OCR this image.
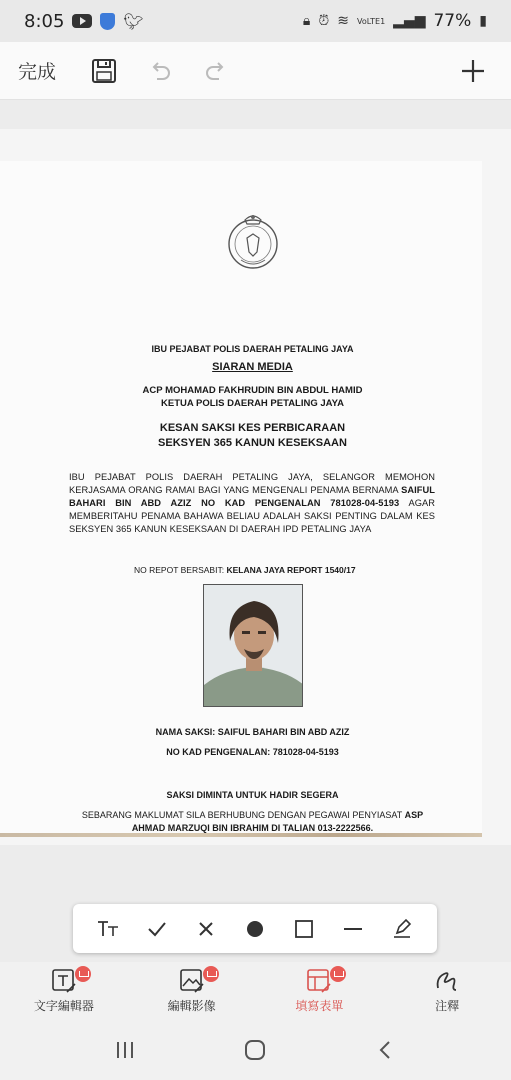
8:05	🐦︎	🔒︎ ⏰︎ ≋ VoLTE1 ▂▄▆ 77% ▮
完成
IBU PEJABAT POLIS DAERAH PETALING JAYA
SIARAN MEDIA
ACP MOHAMAD FAKHRUDIN BIN ABDUL HAMID
KETUA POLIS DAERAH PETALING JAYA
KESAN SAKSI KES PERBICARAAN
SEKSYEN 365 KANUN KESEKSAAN
IBU PEJABAT POLIS DAERAH PETALING JAYA, SELANGOR MEMOHON KERJASAMA ORANG RAMAI BAGI YANG MENGENALI PENAMA BERNAMA SAIFUL BAHARI BIN ABD AZIZ NO KAD PENGENALAN 781028-04-5193 AGAR MEMBERITAHU PENAMA BAHAWA BELIAU ADALAH SAKSI PENTING DALAM KES SEKSYEN 365 KANUN KESEKSAAN DI DAERAH IPD PETALING JAYA
NO REPOT BERSABIT: KELANA JAYA REPORT 1540/17
NAMA SAKSI: SAIFUL BAHARI BIN ABD AZIZ
NO KAD PENGENALAN: 781028-04-5193
SAKSI DIMINTA UNTUK HADIR SEGERA
SEBARANG MAKLUMAT SILA BERHUBUNG DENGAN PEGAWAI PENYIASAT ASP
AHMAD MARZUQI BIN IBRAHIM DI TALIAN 013-2222566.
文字編輯器	編輯影像	填寫表單	注釋
